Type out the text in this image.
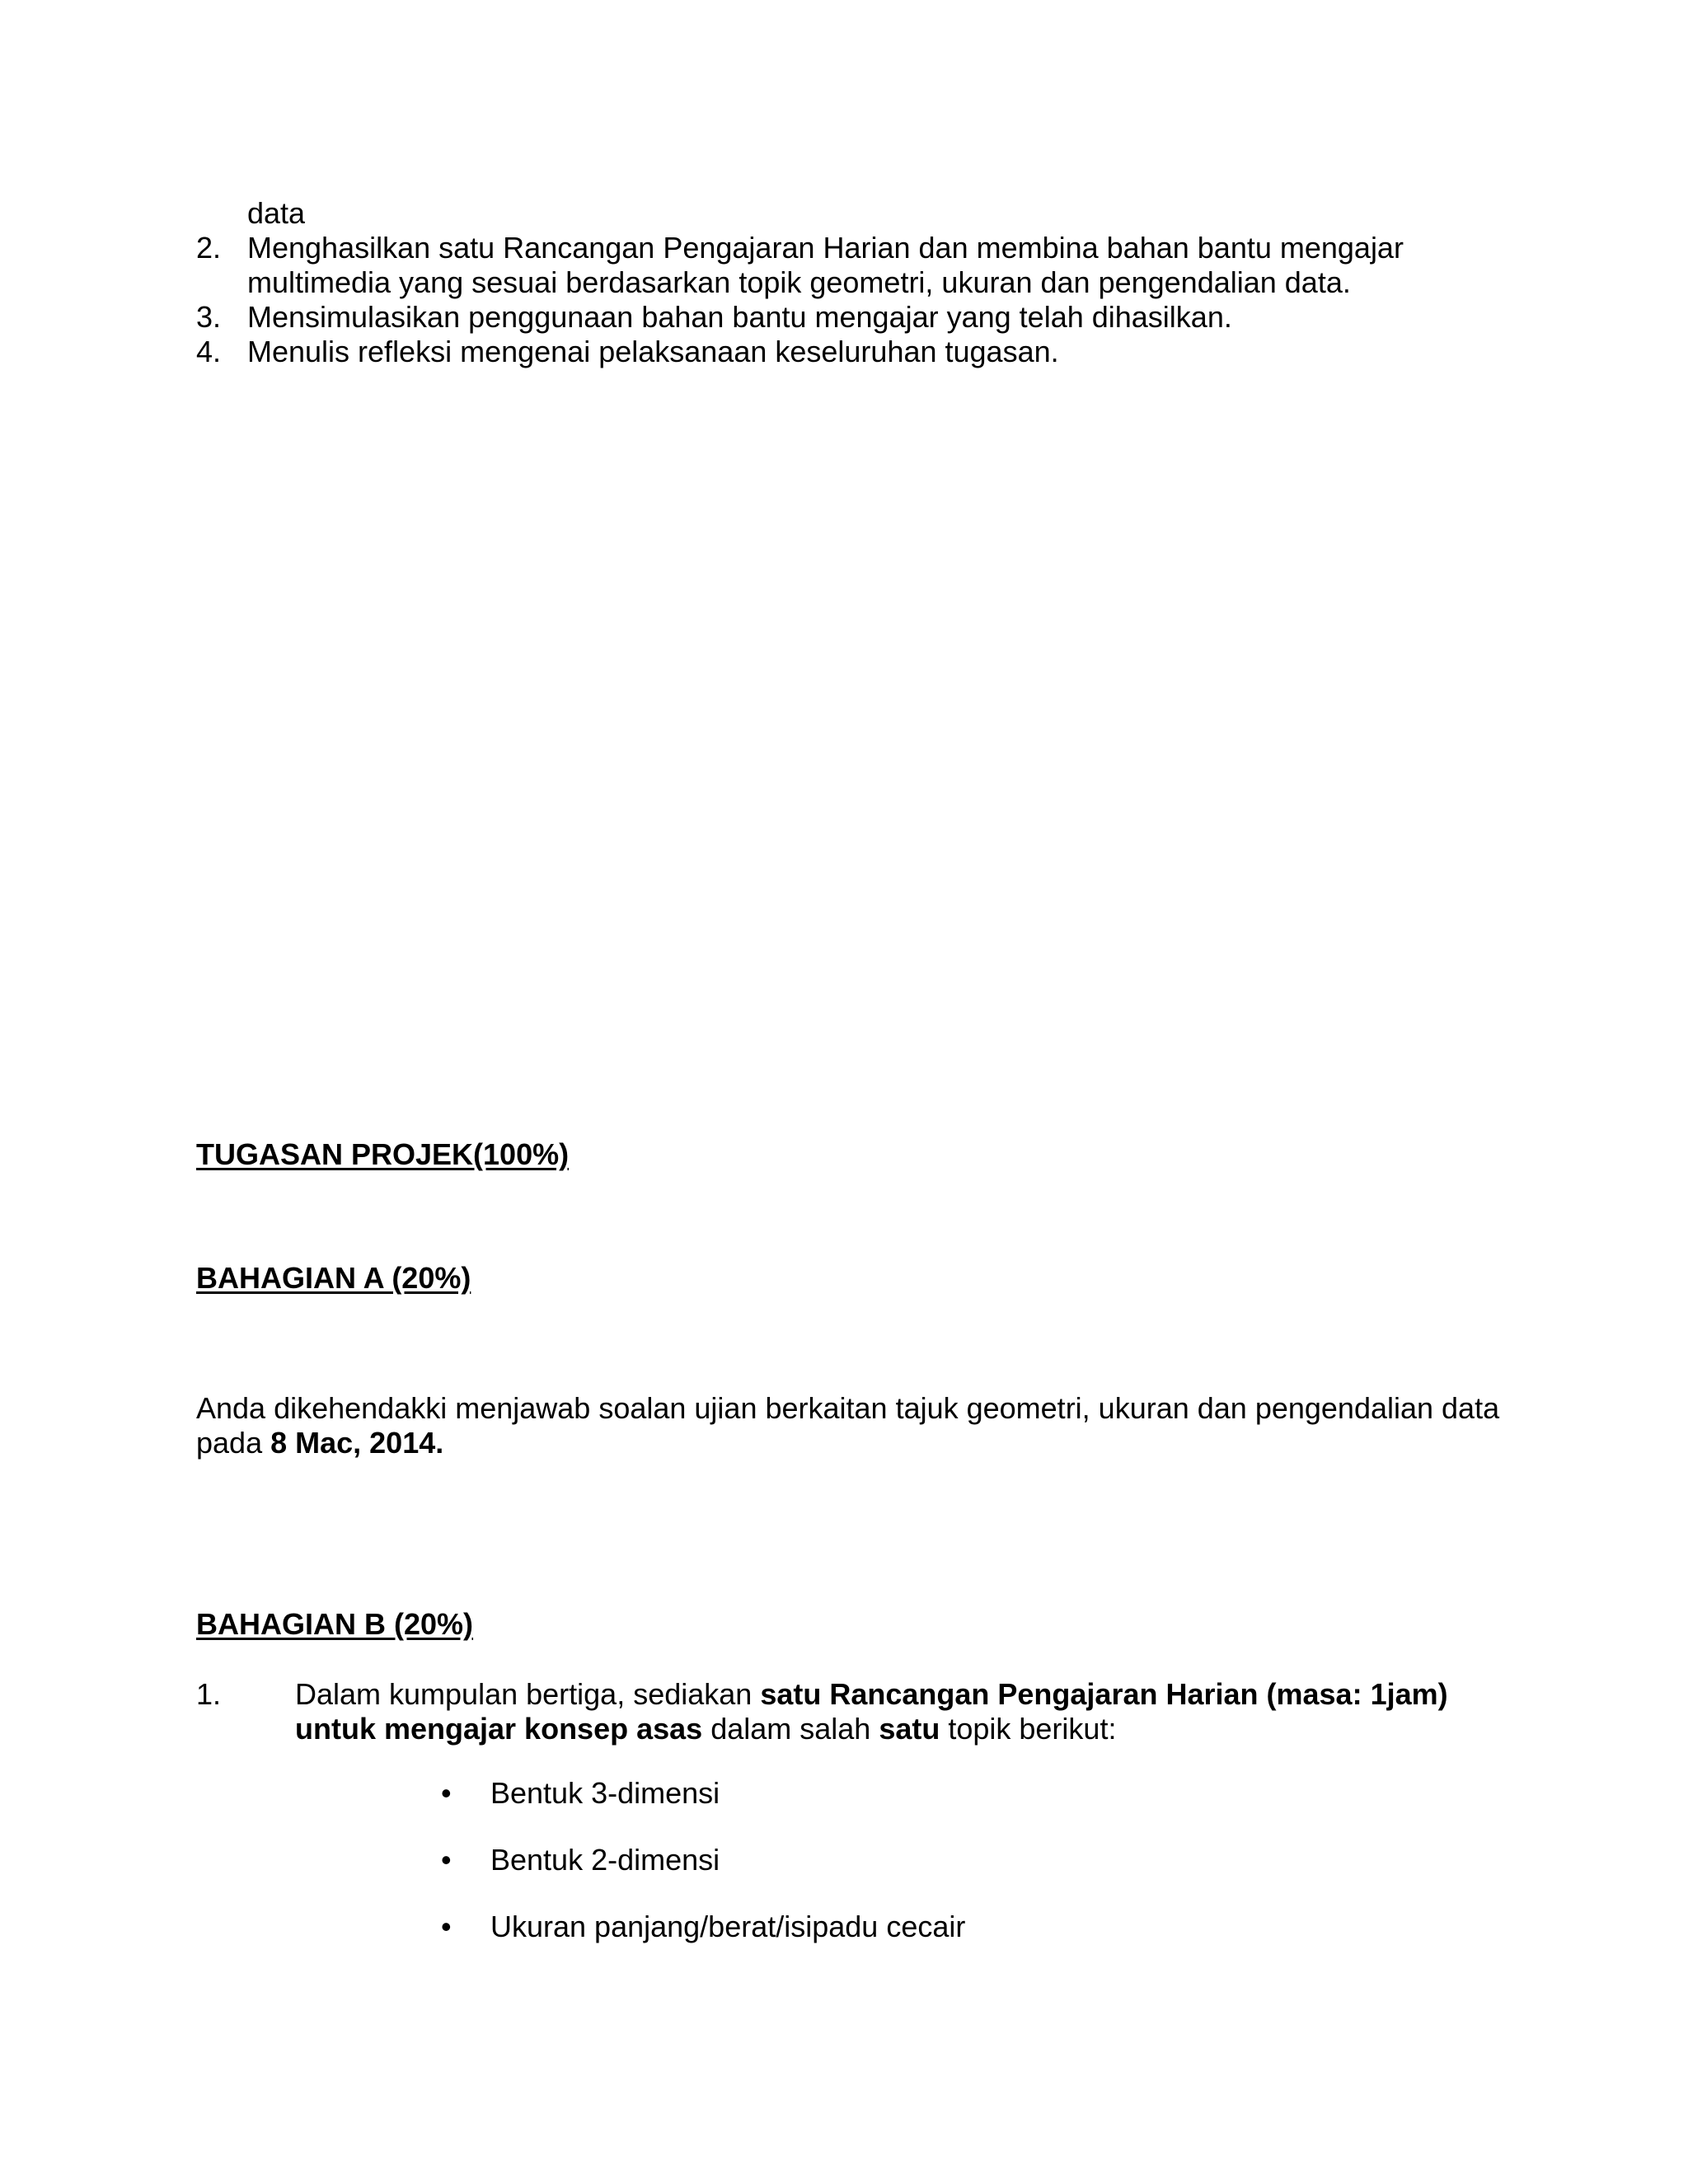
data
2. Menghasilkan satu Rancangan Pengajaran Harian dan membina bahan bantu mengajar multimedia yang sesuai berdasarkan topik geometri, ukuran dan pengendalian data.
3. Mensimulasikan penggunaan bahan bantu mengajar yang telah dihasilkan.
4. Menulis refleksi mengenai pelaksanaan keseluruhan tugasan.
TUGASAN PROJEK(100%)
BAHAGIAN A (20%)
Anda dikehendakki menjawab soalan ujian berkaitan tajuk geometri, ukuran dan pengendalian data pada 8 Mac, 2014.
BAHAGIAN B (20%)
1.	Dalam kumpulan bertiga, sediakan satu Rancangan Pengajaran Harian (masa: 1jam) untuk mengajar konsep asas dalam salah satu topik berikut:
•	Bentuk 3-dimensi
•	Bentuk 2-dimensi
•	Ukuran panjang/berat/isipadu cecair
